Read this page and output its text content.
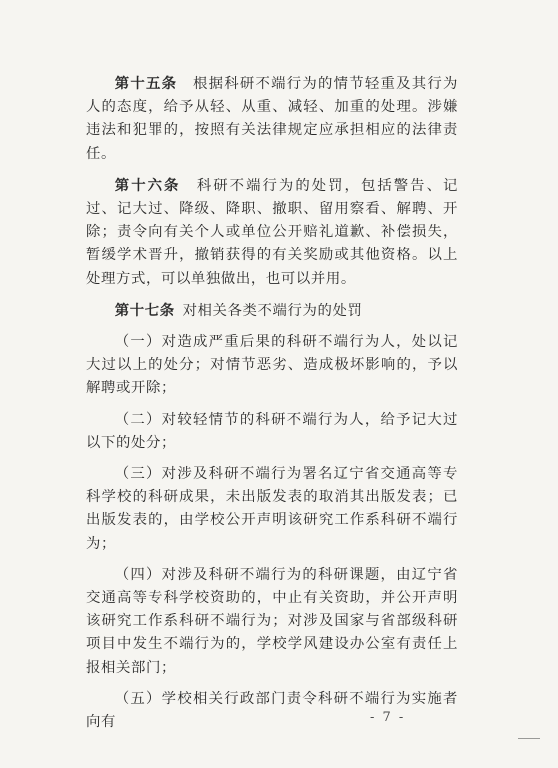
第十五条　 根据科研不端行为的情节轻重及其行为人的态度，给予从轻、从重、减轻、加重的处理。涉嫌违法和犯罪的，按照有关法律规定应承担相应的法律责任。

第十六条　 科研不端行为的处罚，包括警告、记过、记大过、降级、降职、撤职、留用察看、解聘、开除；责令向有关个人或单位公开赔礼道歉、补偿损失，暂缓学术晋升，撤销获得的有关奖励或其他资格。以上处理方式，可以单独做出，也可以并用。

第十七条  对相关各类不端行为的处罚

（一）对造成严重后果的科研不端行为人，处以记大过以上的处分；对情节恶劣、造成极坏影响的，予以解聘或开除；

（二）对较轻情节的科研不端行为人，给予记大过以下的处分；

（三）对涉及科研不端行为署名辽宁省交通高等专科学校的科研成果，未出版发表的取消其出版发表；已出版发表的，由学校公开声明该研究工作系科研不端行为；

（四）对涉及科研不端行为的科研课题，由辽宁省交通高等专科学校资助的，中止有关资助，并公开声明该研究工作系科研不端行为；对涉及国家与省部级科研项目中发生不端行为的，学校学风建设办公室有责任上报相关部门；

（五）学校相关行政部门责令科研不端行为实施者向有	- 7 -
